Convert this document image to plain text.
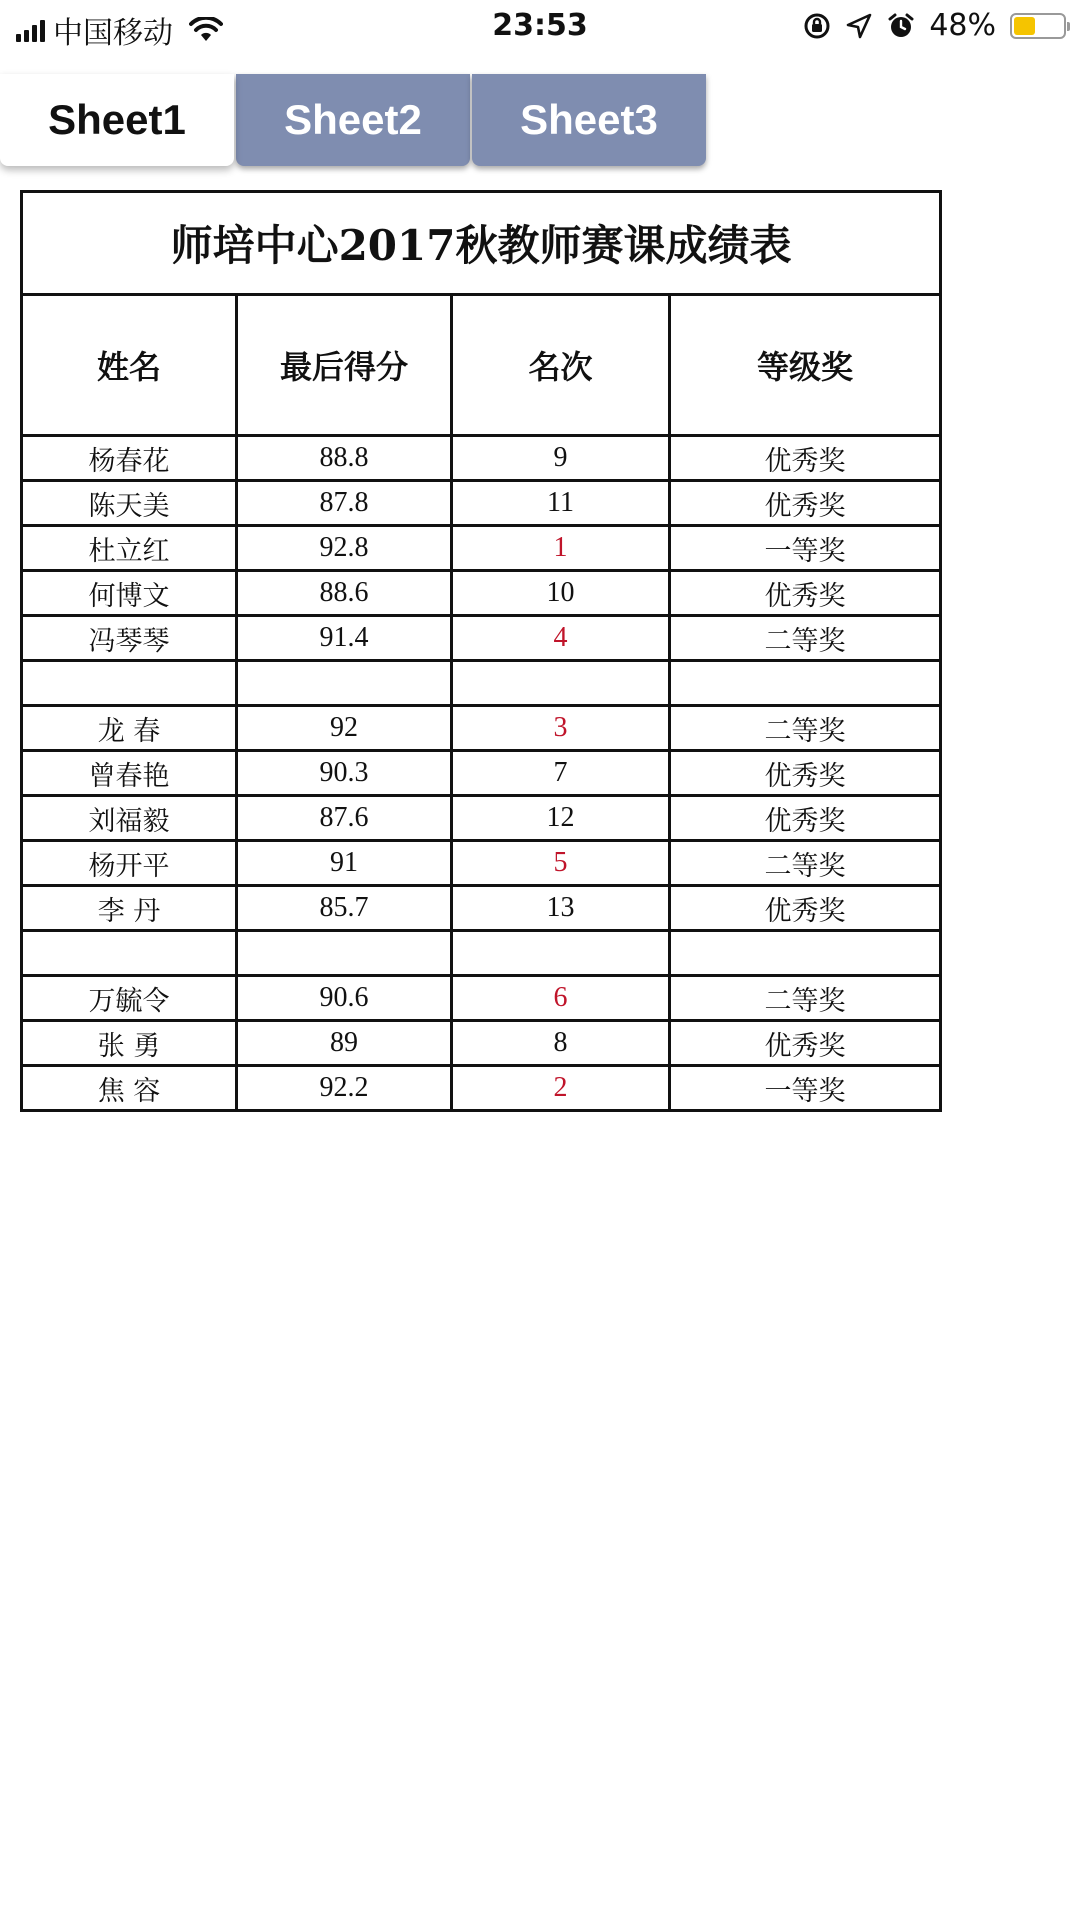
中国移动	23:53	48%
Sheet1	Sheet2	Sheet3
师培中心2017秋教师赛课成绩表			
姓名	最后得分	名次	等级奖
杨春花	88.8	9	优秀奖
陈天美	87.8	11	优秀奖
杜立红	92.8	1	一等奖
何博文	88.6	10	优秀奖
冯琴琴	91.4	4	二等奖

龙 春	92	3	二等奖
曾春艳	90.3	7	优秀奖
刘福毅	87.6	12	优秀奖
杨开平	91	5	二等奖
李 丹	85.7	13	优秀奖

万毓令	90.6	6	二等奖
张 勇	89	8	优秀奖
焦 容	92.2	2	一等奖
